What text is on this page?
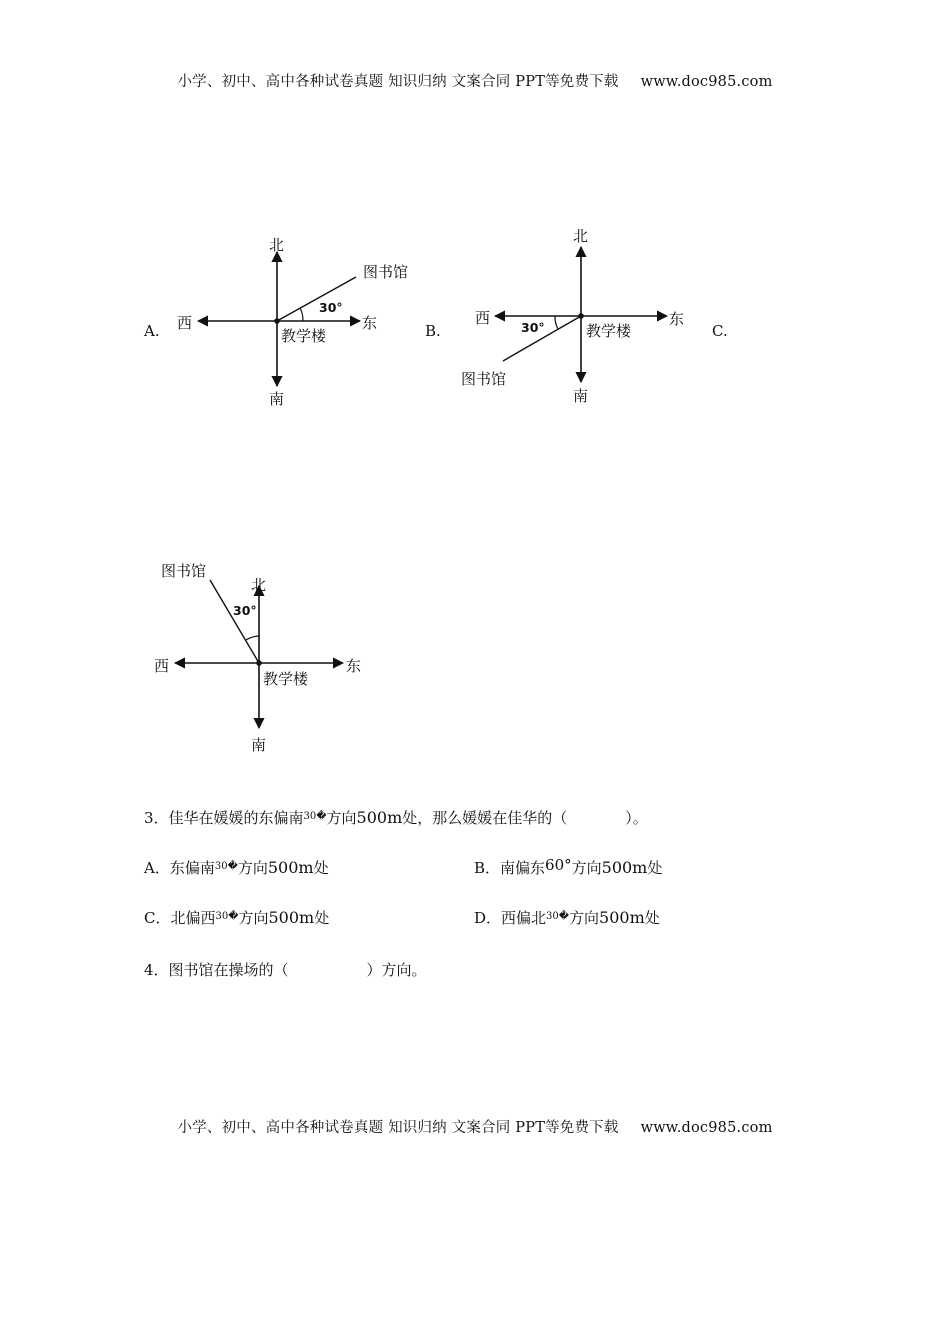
小学、初中、高中各种试卷真题 知识归纳 文案合同 PPT等免费下载 www.doc985.com
A.	B.	C.
北
南
东
西
教学楼
图书馆
30°
北
南
东
西
教学楼
图书馆
30°
北
南
东
西
教学楼
图书馆
30°
3．佳华在媛媛的东偏南$^{30�}$方向500m处，那么媛媛在佳华的（	）。
A．东偏南$^{30�}$方向500m处	B．南偏东60°方向500m处
C．北偏西$^{30�}$方向500m处	D．西偏北$^{30�}$方向500m处
4．图书馆在操场的（	）方向。
小学、初中、高中各种试卷真题 知识归纳 文案合同 PPT等免费下载 www.doc985.com
